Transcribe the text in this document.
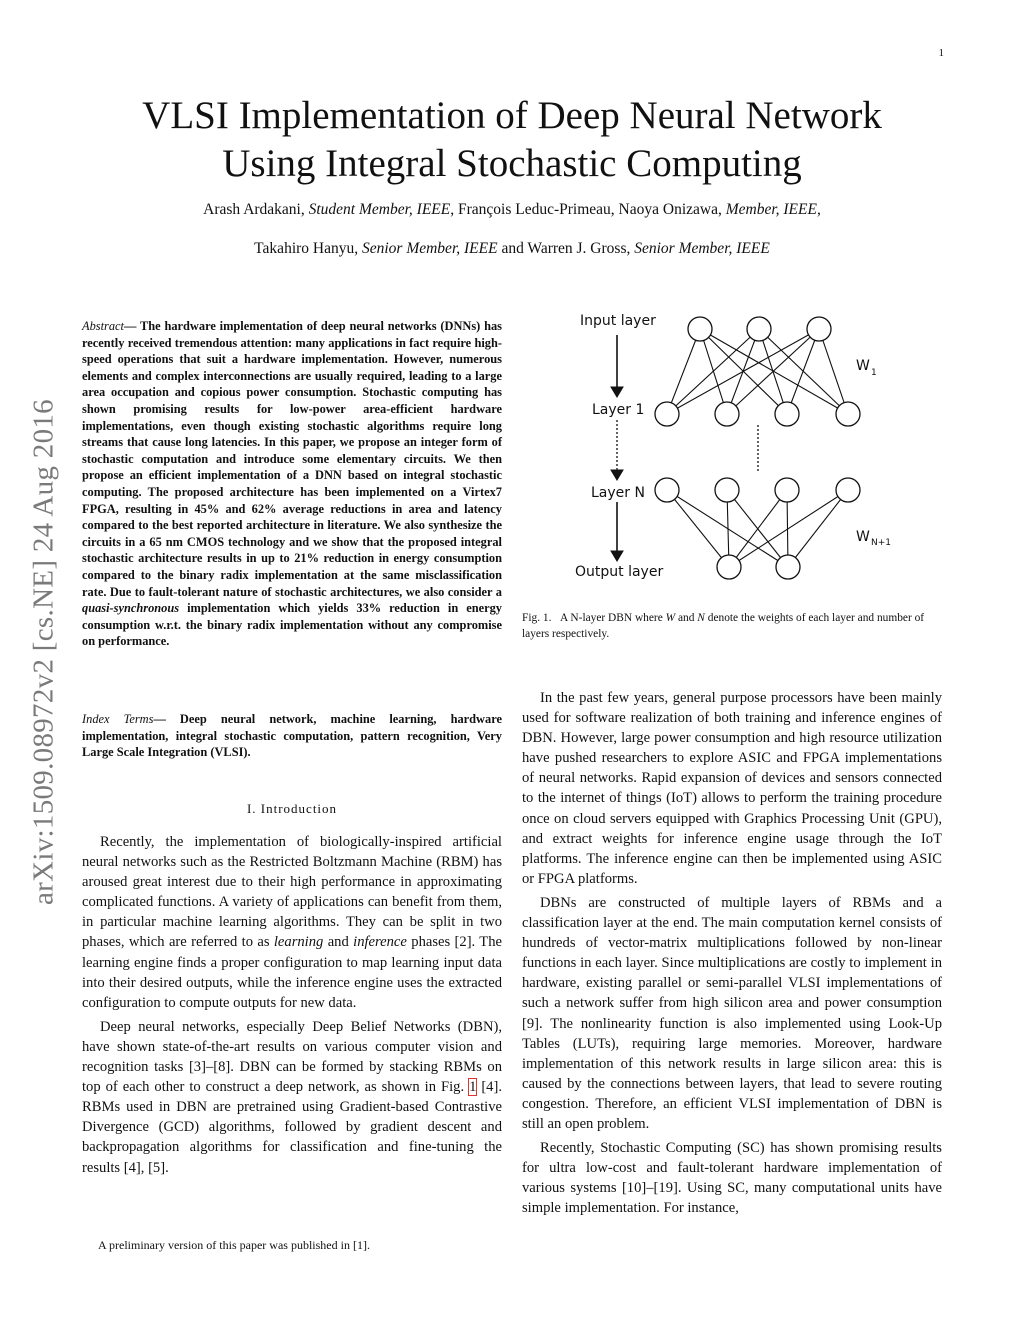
1
VLSI Implementation of Deep Neural Network
Using Integral Stochastic Computing
Arash Ardakani, Student Member, IEEE, François Leduc-Primeau, Naoya Onizawa, Member, IEEE,
Takahiro Hanyu, Senior Member, IEEE and Warren J. Gross, Senior Member, IEEE
arXiv:1509.08972v2 [cs.NE] 24 Aug 2016

Abstract— The hardware implementation of deep neural networks (DNNs) has recently received tremendous attention: many applications in fact require high-speed operations that suit a hardware implementation. However, numerous elements and complex interconnections are usually required, leading to a large area occupation and copious power consumption. Stochastic computing has shown promising results for low-power area-efficient hardware implementations, even though existing stochastic algorithms require long streams that cause long latencies. In this paper, we propose an integer form of stochastic computation and introduce some elementary circuits. We then propose an efficient implementation of a DNN based on integral stochastic computing. The proposed architecture has been implemented on a Virtex7 FPGA, resulting in 45% and 62% average reductions in area and latency compared to the best reported architecture in literature. We also synthesize the circuits in a 65 nm CMOS technology and we show that the proposed integral stochastic architecture results in up to 21% reduction in energy consumption compared to the binary radix implementation at the same misclassification rate. Due to fault-tolerant nature of stochastic architectures, we also consider a quasi-synchronous implementation which yields 33% reduction in energy consumption w.r.t. the binary radix implementation without any compromise on performance.

Index Terms— Deep neural network, machine learning, hardware implementation, integral stochastic computation, pattern recognition, Very Large Scale Integration (VLSI).

I. Introduction

Recently, the implementation of biologically-inspired artificial neural networks such as the Restricted Boltzmann Machine (RBM) has aroused great interest due to their high performance in approximating complicated functions. A variety of applications can benefit from them, in particular machine learning algorithms. They can be split in two phases, which are referred to as learning and inference phases [2]. The learning engine finds a proper configuration to map learning input data into their desired outputs, while the inference engine uses the extracted configuration to compute outputs for new data.

Deep neural networks, especially Deep Belief Networks (DBN), have shown state-of-the-art results on various computer vision and recognition tasks [3]–[8]. DBN can be formed by stacking RBMs on top of each other to construct a deep network, as shown in Fig. 1 [4]. RBMs used in DBN are pretrained using Gradient-based Contrastive Divergence (GCD) algorithms, followed by gradient descent and backpropagation algorithms for classification and fine-tuning the results [4], [5].

A preliminary version of this paper was published in [1].
Input layer
Layer 1
Layer N
Output layer
W 1
W N+1

Fig. 1. A N-layer DBN where W and N denote the weights of each layer and number of layers respectively.

In the past few years, general purpose processors have been mainly used for software realization of both training and inference engines of DBN. However, large power consumption and high resource utilization have pushed researchers to explore ASIC and FPGA implementations of neural networks. Rapid expansion of devices and sensors connected to the internet of things (IoT) allows to perform the training procedure once on cloud servers equipped with Graphics Processing Unit (GPU), and extract weights for inference engine usage through the IoT platforms. The inference engine can then be implemented using ASIC or FPGA platforms.

DBNs are constructed of multiple layers of RBMs and a classification layer at the end. The main computation kernel consists of hundreds of vector-matrix multiplications followed by non-linear functions in each layer. Since multiplications are costly to implement in hardware, existing parallel or semi-parallel VLSI implementations of such a network suffer from high silicon area and power consumption [9]. The nonlinearity function is also implemented using Look-Up Tables (LUTs), requiring large memories. Moreover, hardware implementation of this network results in large silicon area: this is caused by the connections between layers, that lead to severe routing congestion. Therefore, an efficient VLSI implementation of DBN is still an open problem.

Recently, Stochastic Computing (SC) has shown promising results for ultra low-cost and fault-tolerant hardware implementation of various systems [10]–[19]. Using SC, many computational units have simple implementation. For instance,
